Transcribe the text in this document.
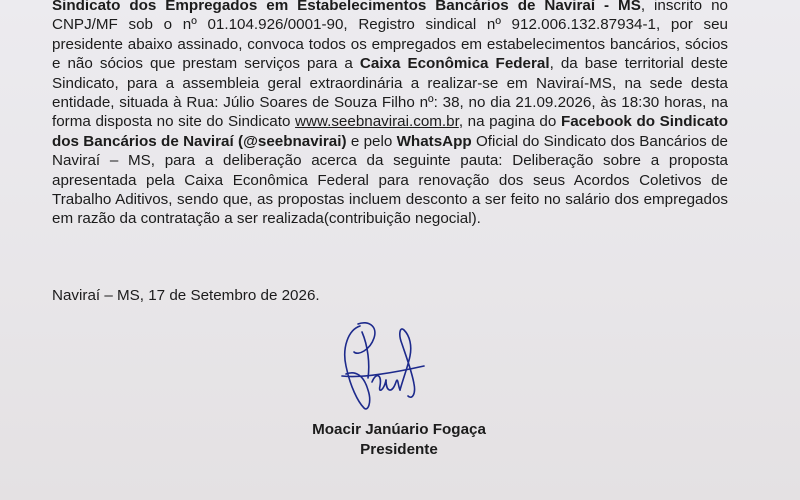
Sindicato dos Empregados em Estabelecimentos Bancários de Naviraí - MS, inscrito no CNPJ/MF sob o nº 01.104.926/0001-90, Registro sindical nº 912.006.132.87934-1, por seu presidente abaixo assinado, convoca todos os empregados em estabelecimentos bancários, sócios e não sócios que prestam serviços para a Caixa Econômica Federal, da base territorial deste Sindicato, para a assembleia geral extraordinária a realizar-se em Naviraí-MS, na sede desta entidade, situada à Rua: Júlio Soares de Souza Filho nº: 38, no dia 21.09.2026, às 18:30 horas, na forma disposta no site do Sindicato www.seebnavirai.com.br, na pagina do Facebook do Sindicato dos Bancários de Naviraí (@seebnavirai) e pelo WhatsApp Oficial do Sindicato dos Bancários de Naviraí – MS, para a deliberação acerca da seguinte pauta: Deliberação sobre a proposta apresentada pela Caixa Econômica Federal para renovação dos seus Acordos Coletivos de Trabalho Aditivos, sendo que, as propostas incluem desconto a ser feito no salário dos empregados em razão da contratação a ser realizada(contribuição negocial).
Naviraí – MS, 17 de Setembro de 2026.
Moacir Janúario Fogaça
Presidente
